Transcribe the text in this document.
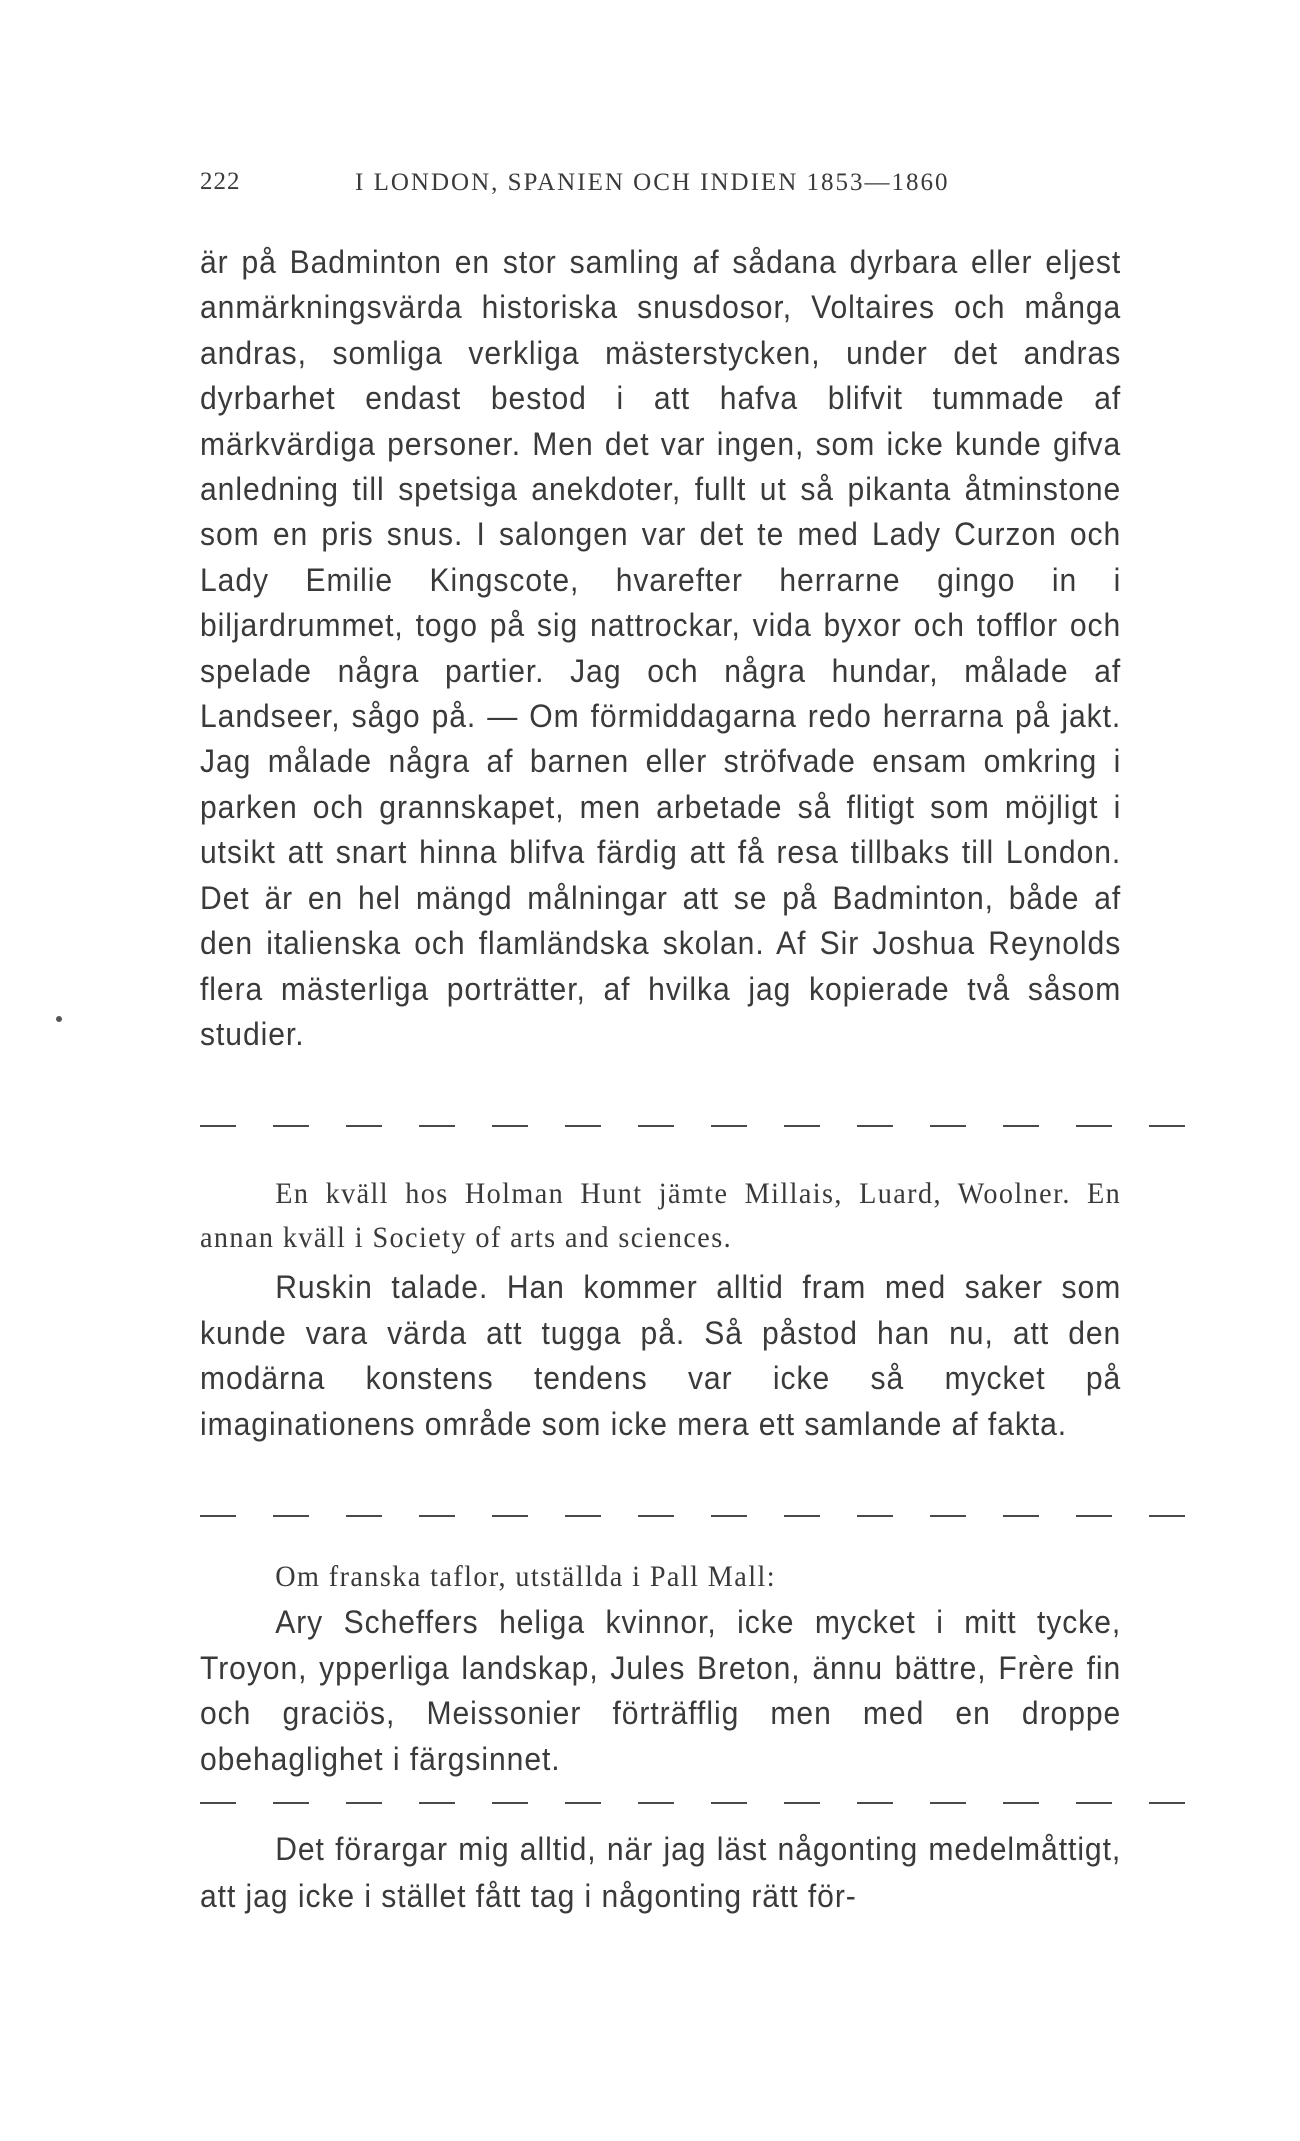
222	I LONDON, SPANIEN OCH INDIEN 1853—1860

är på Badminton en stor samling af sådana dyrbara eller eljest anmärkningsvärda historiska snusdosor, Voltaires och många andras, somliga verkliga mästerstycken, under det andras dyrbarhet endast bestod i att hafva blifvit tummade af märkvärdiga personer. Men det var ingen, som icke kunde gifva anledning till spetsiga anekdoter, fullt ut så pikanta åtminstone som en pris snus. I salongen var det te med Lady Curzon och Lady Emilie Kingscote, hvarefter herrarne gingo in i biljardrummet, togo på sig nattrockar, vida byxor och tofflor och spelade några partier. Jag och några hundar, målade af Landseer, sågo på. — Om förmiddagarna redo herrarna på jakt. Jag målade några af barnen eller ströfvade ensam omkring i parken och grannskapet, men arbetade så flitigt som möjligt i utsikt att snart hinna blifva färdig att få resa tillbaks till London. Det är en hel mängd målningar att se på Badminton, både af den italienska och flamländska skolan. Af Sir Joshua Reynolds flera mästerliga porträtter, af hvilka jag kopierade två såsom studier.

En kväll hos Holman Hunt jämte Millais, Luard, Woolner. En annan kväll i Society of arts and sciences.

Ruskin talade. Han kommer alltid fram med saker som kunde vara värda att tugga på. Så påstod han nu, att den modärna konstens tendens var icke så mycket på imaginationens område som icke mera ett samlande af fakta.

Om franska taflor, utställda i Pall Mall:

Ary Scheffers heliga kvinnor, icke mycket i mitt tycke, Troyon, ypperliga landskap, Jules Breton, ännu bättre, Frère fin och graciös, Meissonier förträfflig men med en droppe obehaglighet i färgsinnet.

Det förargar mig alltid, när jag läst någonting medelmåttigt, att jag icke i stället fått tag i någonting rätt för-
